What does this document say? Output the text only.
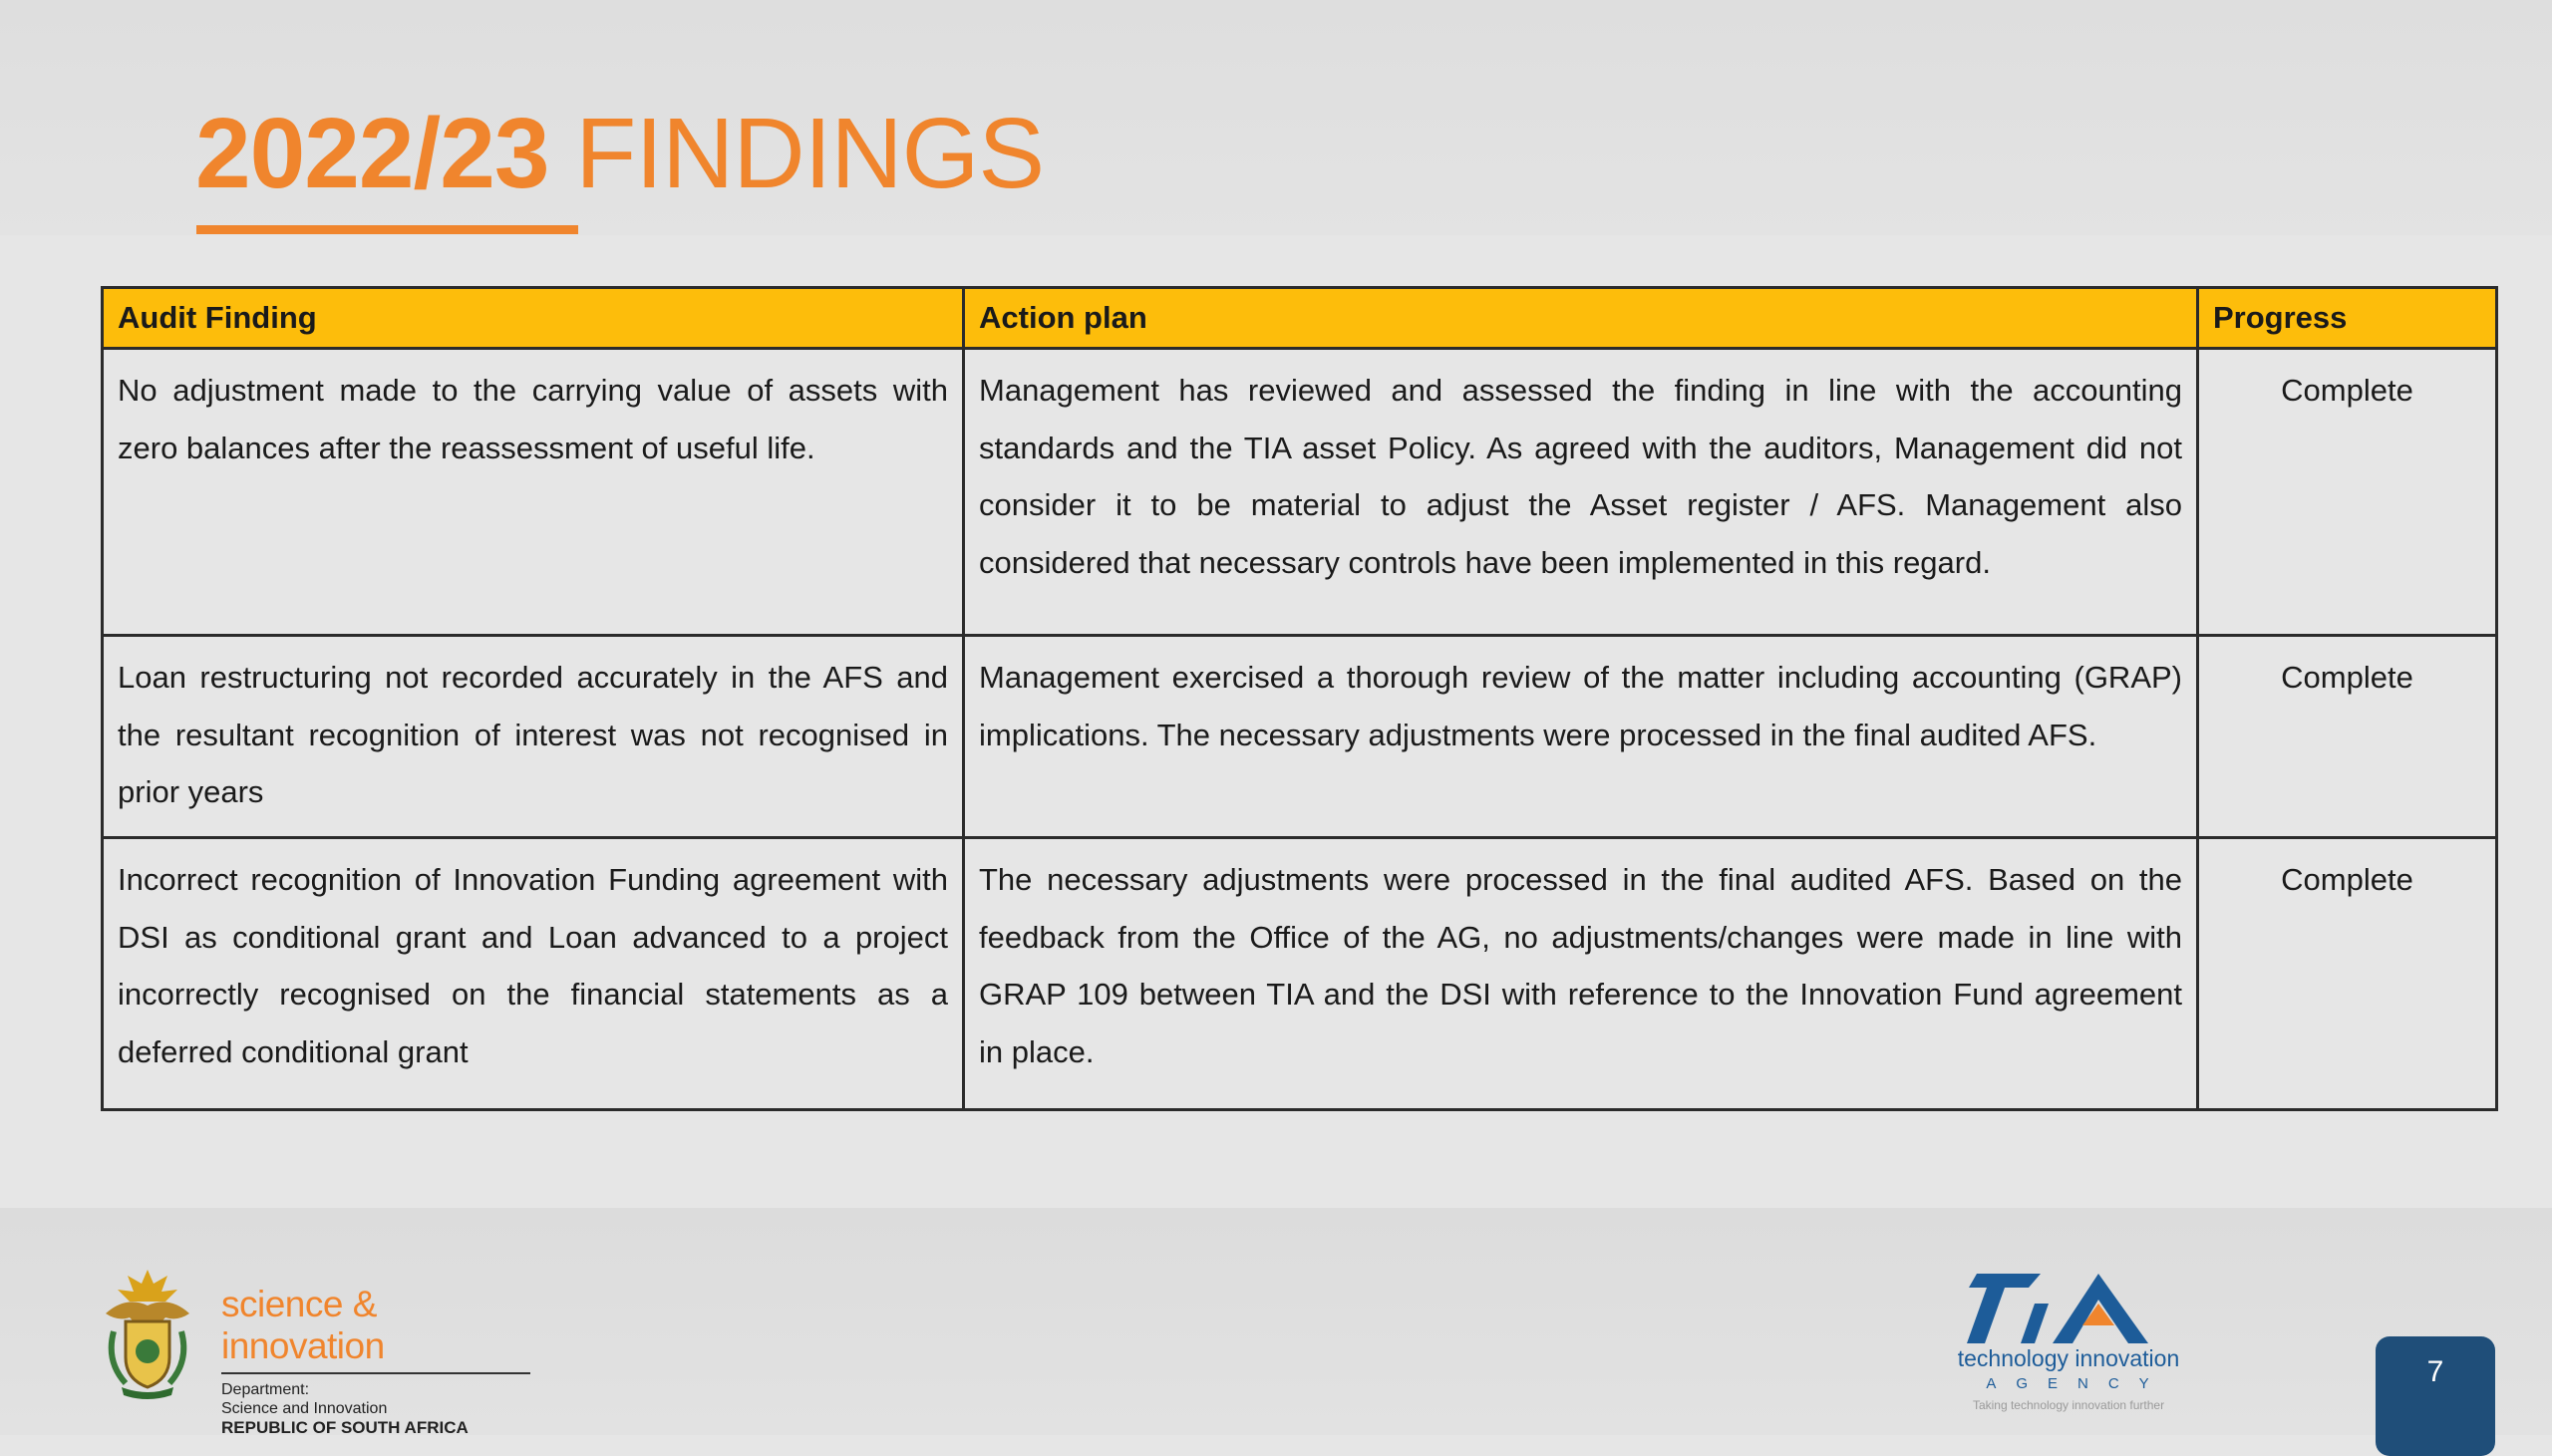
2022/23 FINDINGS
Audit Finding	Action plan	Progress
No adjustment made to the carrying value of assets with zero balances after the reassessment of useful life.	Management has reviewed and assessed the finding in line with the accounting standards and the TIA asset Policy. As agreed with the auditors, Management did not consider it to be material to adjust the Asset register / AFS. Management also considered that necessary controls have been implemented in this regard.	Complete
Loan restructuring not recorded accurately in the AFS and the resultant recognition of interest was not recognised in prior years	Management exercised a thorough review of the matter including accounting (GRAP) implications. The necessary adjustments were processed in the final audited AFS.	Complete
Incorrect recognition of Innovation Funding agreement with DSI as conditional grant and Loan advanced to a project incorrectly recognised on the financial statements as a deferred conditional grant	The necessary adjustments were processed in the final audited AFS. Based on the feedback from the Office of the AG, no adjustments/changes were made in line with GRAP 109 between TIA and the DSI with reference to the Innovation Fund agreement in place.	Complete
science & innovation
Department:
Science and Innovation
REPUBLIC OF SOUTH AFRICA
technology innovation
AGENCY
Taking technology innovation further
7
